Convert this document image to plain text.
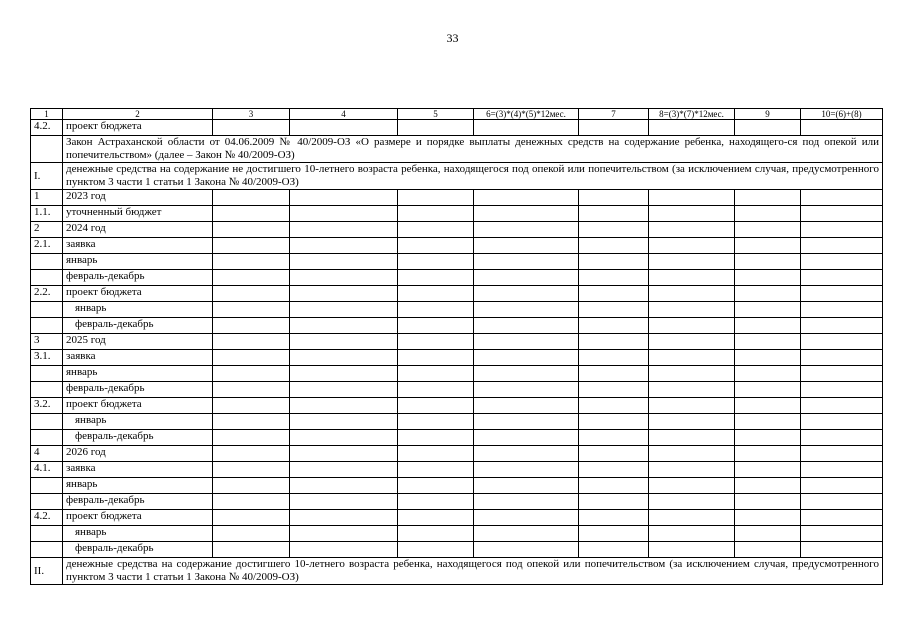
33
1	2	3	4	5	6=(3)*(4)*(5)*12мес.	7	8=(3)*(7)*12мес.	9	10=(6)+(8)
4.2.	проект бюджета								
	Закон Астраханской области от 04.06.2009 № 40/2009-ОЗ «О размере и порядке выплаты денежных средств на содержание ребенка, находящего-ся под опекой или попечительством» (далее – Закон № 40/2009-ОЗ)								
I.	денежные средства на содержание не достигшего 10-летнего возраста ребенка, находящегося под опекой или попечительством (за исключением случая, предусмотренного пунктом 3 части 1 статьи 1 Закона № 40/2009-ОЗ)								
1	2023 год								
1.1.	уточненный бюджет								
2	2024 год								
2.1.	заявка								
	январь								
	февраль-декабрь								
2.2.	проект бюджета								
	январь								
	февраль-декабрь								
3	2025 год								
3.1.	заявка								
	январь								
	февраль-декабрь								
3.2.	проект бюджета								
	январь								
	февраль-декабрь								
4	2026 год								
4.1.	заявка								
	январь								
	февраль-декабрь								
4.2.	проект бюджета								
	январь								
	февраль-декабрь								
II.	денежные средства на содержание достигшего 10-летнего возраста ребенка, находящегося под опекой или попечительством (за исключением случая, предусмотренного пунктом 3 части 1 статьи 1 Закона № 40/2009-ОЗ)								
